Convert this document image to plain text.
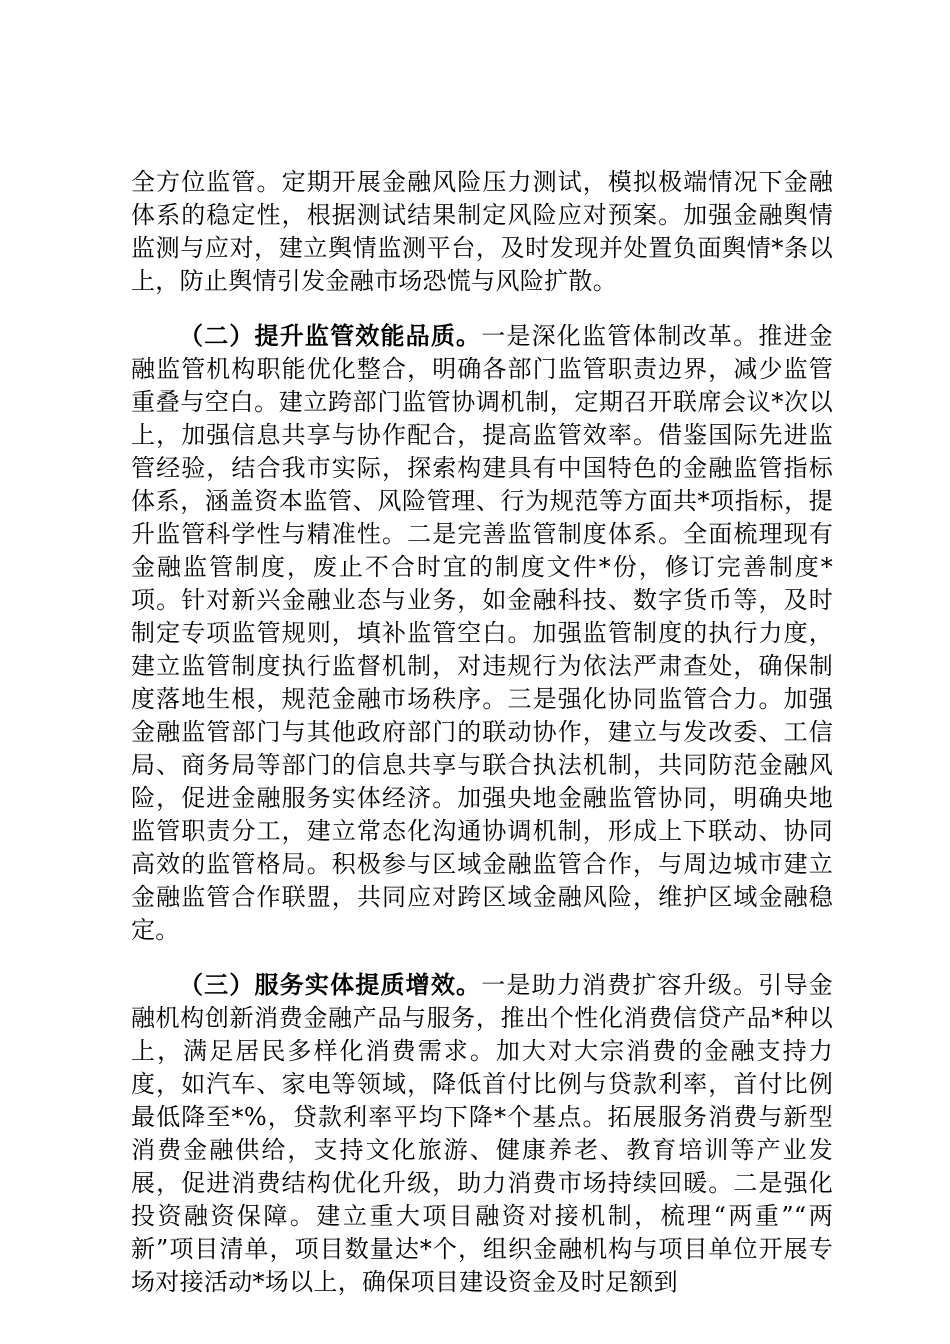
全方位监管。定期开展金融风险压力测试，模拟极端情况下金融体系的稳定性，根据测试结果制定风险应对预案。加强金融舆情监测与应对，建立舆情监测平台，及时发现并处置负面舆情*条以上，防止舆情引发金融市场恐慌与风险扩散。

（二）提升监管效能品质。一是深化监管体制改革。推进金融监管机构职能优化整合，明确各部门监管职责边界，减少监管重叠与空白。建立跨部门监管协调机制，定期召开联席会议*次以上，加强信息共享与协作配合，提高监管效率。借鉴国际先进监管经验，结合我市实际，探索构建具有中国特色的金融监管指标体系，涵盖资本监管、风险管理、行为规范等方面共*项指标，提升监管科学性与精准性。二是完善监管制度体系。全面梳理现有金融监管制度，废止不合时宜的制度文件*份，修订完善制度*项。针对新兴金融业态与业务，如金融科技、数字货币等，及时制定专项监管规则，填补监管空白。加强监管制度的执行力度，建立监管制度执行监督机制，对违规行为依法严肃查处，确保制度落地生根，规范金融市场秩序。三是强化协同监管合力。加强金融监管部门与其他政府部门的联动协作，建立与发改委、工信局、商务局等部门的信息共享与联合执法机制，共同防范金融风险，促进金融服务实体经济。加强央地金融监管协同，明确央地监管职责分工，建立常态化沟通协调机制，形成上下联动、协同高效的监管格局。积极参与区域金融监管合作，与周边城市建立金融监管合作联盟，共同应对跨区域金融风险，维护区域金融稳定。

（三）服务实体提质增效。一是助力消费扩容升级。引导金融机构创新消费金融产品与服务，推出个性化消费信贷产品*种以上，满足居民多样化消费需求。加大对大宗消费的金融支持力度，如汽车、家电等领域，降低首付比例与贷款利率，首付比例最低降至*%，贷款利率平均下降*个基点。拓展服务消费与新型消费金融供给，支持文化旅游、健康养老、教育培训等产业发展，促进消费结构优化升级，助力消费市场持续回暖。二是强化投资融资保障。建立重大项目融资对接机制，梳理“两重”“两新”项目清单，项目数量达*个，组织金融机构与项目单位开展专场对接活动*场以上，确保项目建设资金及时足额到
